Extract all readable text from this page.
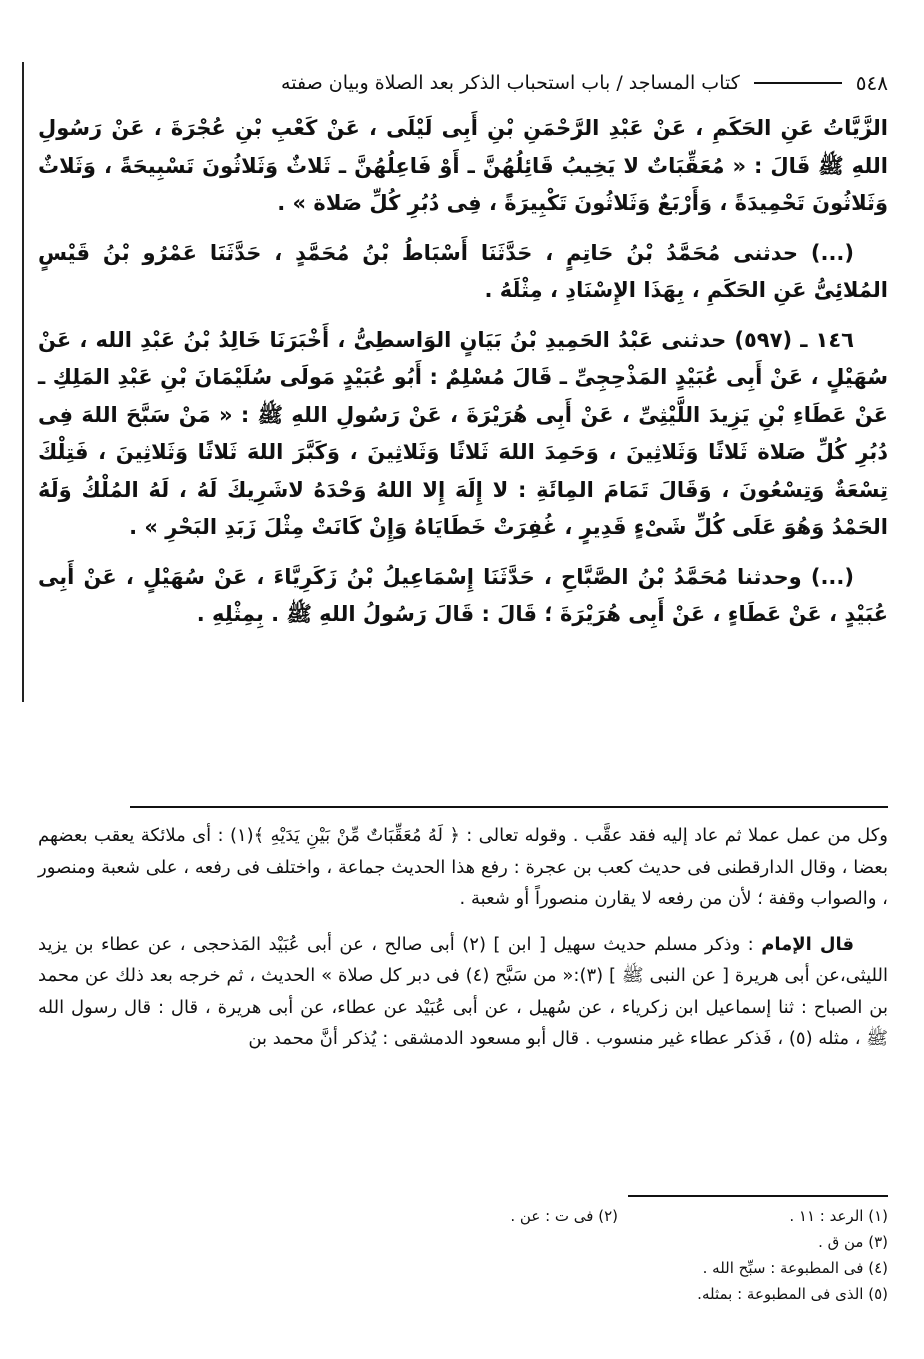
٥٤٨
كتاب المساجد / باب استحباب الذكر بعد الصلاة وبيان صفته

الزَّيَّاتُ عَنِ الحَكَمِ ، عَنْ عَبْدِ الرَّحْمَنِ بْنِ أَبِى لَيْلَى ، عَنْ كَعْبِ بْنِ عُجْرَةَ ، عَنْ رَسُولِ اللهِ ﷺ قَالَ : « مُعَقِّبَاتٌ لا يَخِيبُ قَائِلُهُنَّ ـ أَوْ فَاعِلُهُنَّ ـ ثَلاثٌ وَثَلاثُونَ تَسْبِيحَةً ، وَثَلاثٌ وَثَلاثُونَ تَحْمِيدَةً ، وَأَرْبَعٌ وَثَلاثُونَ تَكْبِيرَةً ، فِى دُبُرِ كُلِّ صَلاة » .

(...) حدثنى مُحَمَّدُ بْنُ حَاتِمٍ ، حَدَّثَنَا أَسْبَاطُ بْنُ مُحَمَّدٍ ، حَدَّثَنَا عَمْرُو بْنُ قَيْسٍ المُلائِىُّ عَنِ الحَكَمِ ، بِهَذَا الإِسْنَادِ ، مِثْلَهُ .

١٤٦ ـ (٥٩٧) حدثنى عَبْدُ الحَمِيدِ بْنُ بَيَانٍ الوَاسطِىُّ ، أَخْبَرَنَا خَالِدُ بْنُ عَبْدِ الله ، عَنْ سُهَيْلٍ ، عَنْ أَبِى عُبَيْدٍ المَذْحِجِىِّ ـ قَالَ مُسْلِمٌ : أَبُو عُبَيْدٍ مَولَى سُلَيْمَانَ بْنِ عَبْدِ المَلِكِ ـ عَنْ عَطَاءِ بْنِ يَزِيدَ اللَّيْثِىِّ ، عَنْ أَبِى هُرَيْرَةَ ، عَنْ رَسُولِ اللهِ ﷺ : « مَنْ سَبَّحَ اللهَ فِى دُبُرِ كُلِّ صَلاة ثَلاثًا وَثَلاثِينَ ، وَحَمِدَ اللهَ ثَلاثًا وَثَلاثِينَ ، وَكَبَّرَ اللهَ ثَلاثًا وَثَلاثِينَ ، فَتِلْكَ تِسْعَةٌ وَتِسْعُونَ ، وَقَالَ تَمَامَ المِائَةِ : لا إِلَهَ إِلا اللهُ وَحْدَهُ لاشَرِيكَ لَهُ ، لَهُ المُلْكُ وَلَهُ الحَمْدُ وَهُوَ عَلَى كُلِّ شَىْءٍ قَدِيرٍ ، غُفِرَتْ خَطَايَاهُ وَإِنْ كَانَتْ مِثْلَ زَبَدِ البَحْرِ » .

(...) وحدثنا مُحَمَّدُ بْنُ الصَّبَّاحِ ، حَدَّثَنَا إِسْمَاعِيلُ بْنُ زَكَرِيَّاءَ ، عَنْ سُهَيْلٍ ، عَنْ أَبِى عُبَيْدٍ ، عَنْ عَطَاءٍ ، عَنْ أَبِى هُرَيْرَةَ ؛ قَالَ : قَالَ رَسُولُ اللهِ ﷺ . بِمِثْلِهِ .

وكل من عمل عملا ثم عاد إليه فقد عقَّب . وقوله تعالى : ﴿ لَهُ مُعَقِّبَاتٌ مِّنْ بَيْنِ يَدَيْهِ ﴾(١) : أى ملائكة يعقب بعضهم بعضا ، وقال الدارقطنى فى حديث كعب بن عجرة : رفع هذا الحديث جماعة ، واختلف فى رفعه ، على شعبة ومنصور ، والصواب وقفة ؛ لأن من رفعه لا يقارن منصوراً أو شعبة .

قال الإمام : وذكر مسلم حديث سهيل [ ابن ] (٢) أبى صالح ، عن أبى عُبَيْد المَذحجى ، عن عطاء بن يزيد الليثى،عن أبى هريرة [ عن النبى ﷺ ] (٣):« من سَبَّح (٤) فى دبر كل صلاة » الحديث ، ثم خرجه بعد ذلك عن محمد بن الصباح : ثنا إسماعيل ابن زكرياء ، عن سُهيل ، عن أبى عُبَيْد عن عطاء، عن أبى هريرة ، قال : قال رسول الله ﷺ ، مثله (٥) ، فَذكر عطاء غير منسوب . قال أبو مسعود الدمشقى : يُذكر أنَّ محمد بن

(١) الرعد : ١١ .
(٢) فى ت : عن .
(٣) من ق .
(٤) فى المطبوعة : سبِّح الله .
(٥) الذى فى المطبوعة : بمثله.
